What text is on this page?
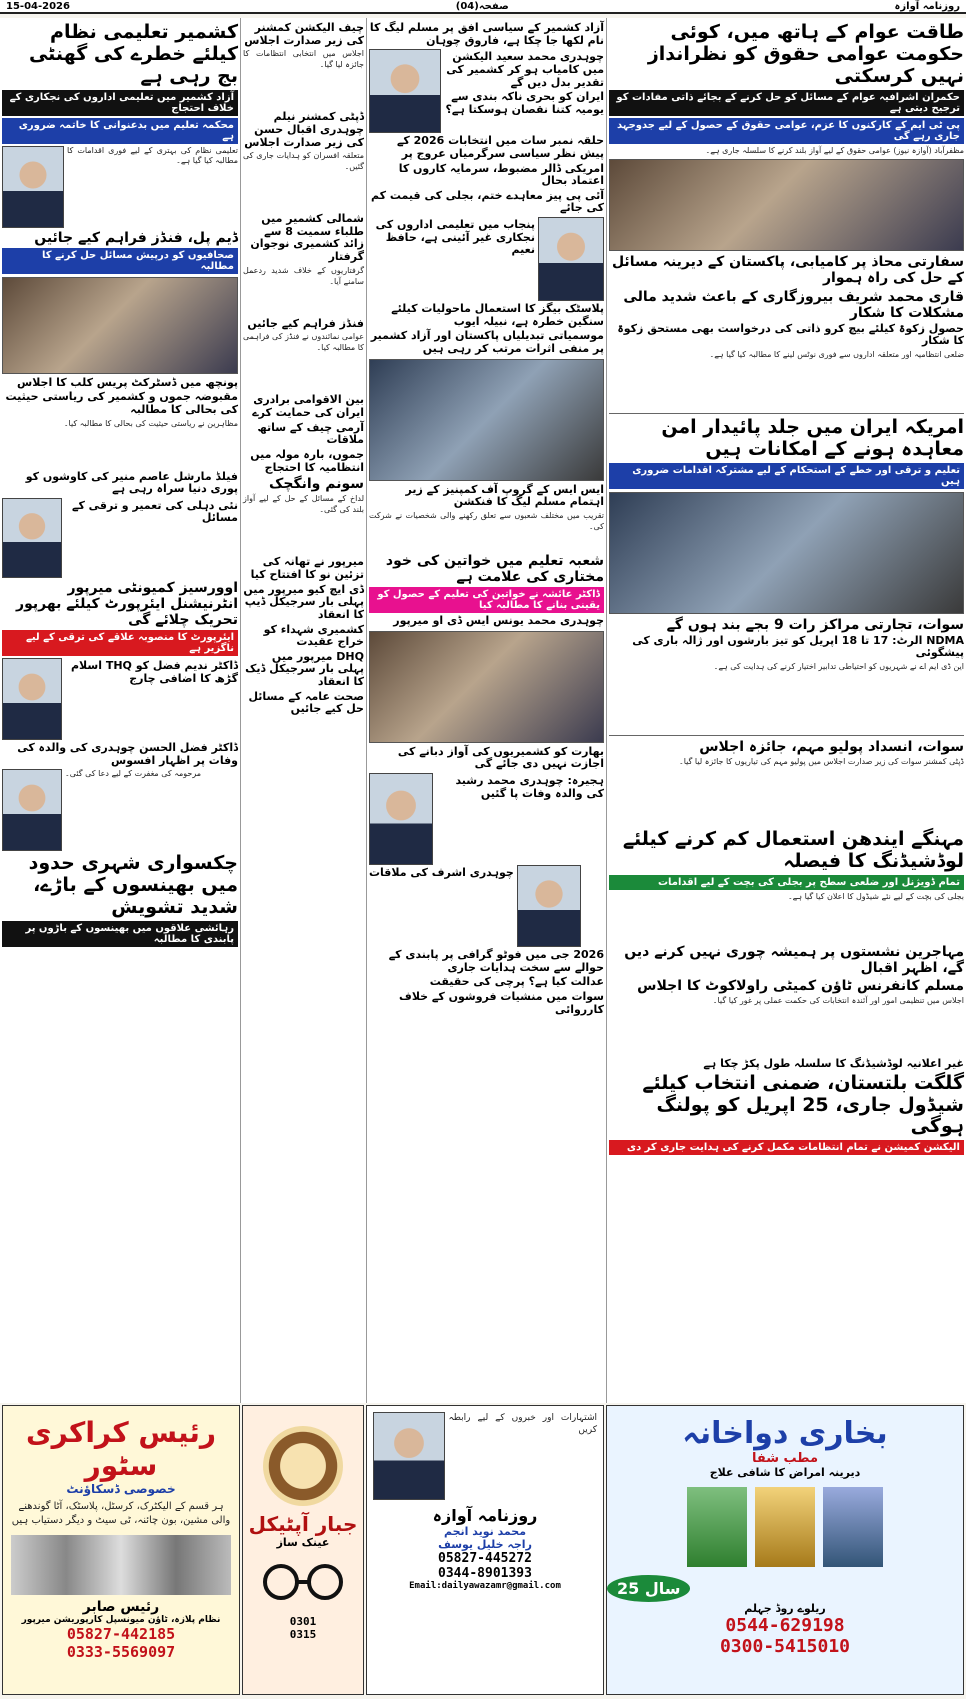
15-04-2026	صفحہ(04)	روزنامہ آوازہ
طاقت عوام کے ہاتھ میں، کوئی حکومت عوامی حقوق کو نظرانداز نہیں کرسکتی
حکمران اشرافیہ عوام کے مسائل کو حل کرنے کے بجائے ذاتی مفادات کو ترجیح دیتی ہے
پی ٹی ایم کے کارکنوں کا عزم، عوامی حقوق کے حصول کے لیے جدوجہد جاری رہے گی
مظفرآباد (آوازہ نیوز) عوامی حقوق کے لیے آواز بلند کرنے کا سلسلہ جاری ہے۔
سفارتی محاذ پر کامیابی، پاکستان کے دیرینہ مسائل کے حل کی راہ ہموار
قاری محمد شریف بیروزگاری کے باعث شدید مالی مشکلات کا شکار
حصول زکوۃ کیلئے بیچ کرو ذاتی کی درخواست بھی مستحق زکوۃ کا شکار
ضلعی انتظامیہ اور متعلقہ اداروں سے فوری نوٹس لینے کا مطالبہ کیا گیا ہے۔
امریکہ ایران میں جلد پائیدار امن معاہدہ ہونے کے امکانات ہیں
تعلیم و ترقی اور خطے کے استحکام کے لیے مشترکہ اقدامات ضروری ہیں
سوات، تجارتی مراکز رات 9 بجے بند ہوں گے
NDMA الرٹ: 17 تا 18 اپریل کو تیز بارشوں اور ژالہ باری کی پیشگوئی
این ڈی ایم اے نے شہریوں کو احتیاطی تدابیر اختیار کرنے کی ہدایت کی ہے۔
سوات، انسداد پولیو مہم، جائزہ اجلاس
ڈپٹی کمشنر سوات کی زیر صدارت اجلاس میں پولیو مہم کی تیاریوں کا جائزہ لیا گیا۔
مہنگے ایندھن استعمال کم کرنے کیلئے لوڈشیڈنگ کا فیصلہ
تمام ڈویژنل اور ضلعی سطح پر بجلی کی بچت کے لیے اقدامات
بجلی کی بچت کے لیے نئے شیڈول کا اعلان کیا گیا ہے۔
مہاجرین نشستوں پر ہمیشہ چوری نہیں کرنے دیں گے، اظہر اقبال
مسلم کانفرنس ٹاؤن کمیٹی راولاکوٹ کا اجلاس
اجلاس میں تنظیمی امور اور آئندہ انتخابات کی حکمت عملی پر غور کیا گیا۔
غیر اعلانیہ لوڈشیڈنگ کا سلسلہ طول پکڑ چکا ہے
گلگت بلتستان، ضمنی انتخاب کیلئے شیڈول جاری، 25 اپریل کو پولنگ ہوگی
الیکشن کمیشن نے تمام انتظامات مکمل کرنے کی ہدایت جاری کر دی
آزاد کشمیر کے سیاسی افق پر مسلم لیگ کا نام لکھا جا چکا ہے، فاروق چوہان
چوہدری محمد سعید الیکشن میں کامیاب ہو کر کشمیر کی تقدیر بدل دیں گے
ایران کو بحری ناکہ بندی سے یومیہ کتنا نقصان ہوسکتا ہے؟
حلقہ نمبر سات میں انتخابات 2026 کے پیش نظر سیاسی سرگرمیاں عروج پر
امریکی ڈالر مضبوط، سرمایہ کاروں کا اعتماد بحال
آئی پی پیز معاہدے ختم، بجلی کی قیمت کم کی جائے
پنجاب میں تعلیمی اداروں کی نجکاری غیر آئینی ہے، حافظ نعیم
پلاسٹک بیگز کا استعمال ماحولیات کیلئے سنگین خطرہ ہے، نبیلہ ایوب
موسمیاتی تبدیلیاں پاکستان اور آزاد کشمیر پر منفی اثرات مرتب کر رہی ہیں
ایس ایس کے گروپ آف کمپنیز کے زیر اہتمام مسلم لیگ کا فنکشن
تقریب میں مختلف شعبوں سے تعلق رکھنے والی شخصیات نے شرکت کی۔
شعبہ تعلیم میں خواتین کی خود مختاری کی علامت ہے
ڈاکٹر عائشہ نے خواتین کی تعلیم کے حصول کو یقینی بنانے کا مطالبہ کیا
چوہدری محمد یونس ایس ڈی او میرپور
بھارت کو کشمیریوں کی آواز دبانے کی اجازت نہیں دی جائے گی
ہجیرہ: چوہدری محمد رشید کی والدہ وفات پا گئیں
چوہدری اشرف کی ملاقات
2026 جی میں فوٹو گرافی پر پابندی کے حوالے سے سخت ہدایات جاری
عدالت کیا ہے؟ پرچی کی حقیقت
سوات میں منشیات فروشوں کے خلاف کارروائی
چیف الیکشن کمشنر کی زیر صدارت اجلاس
اجلاس میں انتخابی انتظامات کا جائزہ لیا گیا۔
ڈپٹی کمشنر نیلم چوہدری اقبال حسن کی زیر صدارت اجلاس
متعلقہ افسران کو ہدایات جاری کی گئیں۔
شمالی کشمیر میں طلباء سمیت 8 سے زائد کشمیری نوجوان گرفتار
گرفتاریوں کے خلاف شدید ردعمل سامنے آیا۔
فنڈز فراہم کیے جائیں
عوامی نمائندوں نے فنڈز کی فراہمی کا مطالبہ کیا۔
بین الاقوامی برادری ایران کی حمایت کرے
آرمی چیف کے ساتھ ملاقات
جموں، بارہ مولہ میں انتظامیہ کا احتجاج
سونم وانگچک
لداخ کے مسائل کے حل کے لیے آواز بلند کی گئی۔
میرپور نے تھانہ کی تزئین نو کا افتتاح کیا
ڈی ایچ کیو میرپور میں پہلی بار سرجیکل ڈیپ کا انعقاد
کشمیری شہداء کو خراج عقیدت
DHQ میرپور میں پہلی بار سرجیکل ڈیک کا انعقاد
صحت عامہ کے مسائل حل کیے جائیں
کشمیر تعلیمی نظام کیلئے خطرے کی گھنٹی بج رہی ہے
آزاد کشمیر میں تعلیمی اداروں کی نجکاری کے خلاف احتجاج
محکمہ تعلیم میں بدعنوانی کا خاتمہ ضروری ہے
تعلیمی نظام کی بہتری کے لیے فوری اقدامات کا مطالبہ کیا گیا ہے۔
ڈیم پل، فنڈز فراہم کیے جائیں
صحافیوں کو درپیش مسائل حل کرنے کا مطالبہ
پونچھ میں ڈسٹرکٹ پریس کلب کا اجلاس
مقبوضہ جموں و کشمیر کی ریاستی حیثیت کی بحالی کا مطالبہ
مظاہرین نے ریاستی حیثیت کی بحالی کا مطالبہ کیا۔
فیلڈ مارشل عاصم منیر کی کاوشوں کو پوری دنیا سراہ رہی ہے
نئی دہلی کی تعمیر و ترقی کے مسائل
اوورسیز کمیونٹی میرپور انٹرنیشنل ایئرپورٹ کیلئے بھرپور تحریک چلائے گی
ایئرپورٹ کا منصوبہ علاقے کی ترقی کے لیے ناگزیر ہے
ڈاکٹر ندیم فضل کو THQ اسلام گڑھ کا اضافی چارج
ڈاکٹر فضل الحسن چوہدری کی والدہ کی وفات پر اظہار افسوس
مرحومہ کی مغفرت کے لیے دعا کی گئی۔
چکسواری شہری حدود میں بھینسوں کے باڑے، شدید تشویش
رہائشی علاقوں میں بھینسوں کے باڑوں پر پابندی کا مطالبہ
رئیس کراکری سٹور
خصوصی ڈسکاؤنٹ
ہر قسم کے الیکٹرک، کرسٹل، پلاسٹک، آٹا گوندھنے والی مشین، بون چائنہ، ٹی سیٹ و دیگر دستیاب ہیں
رئیس صابر
نظام پلازہ، ٹاؤن میونسپل کارپوریشن میرپور
05827-442185
0333-5569097
جبار آپٹیکل
عینک ساز
0301
0315
اشتہارات اور خبروں کے لیے رابطہ کریں
روزنامہ آوازہ
محمد نوید انجم
راجہ خلیل یوسف
05827-445272
0344-8901393
Email:dailyawazamr@gmail.com
بخاری دواخانہ
مطب شفا
دیرینہ امراض کا شافی علاج
25 سال
ریلوے روڈ جہلم
0544-629198
0300-5415010
